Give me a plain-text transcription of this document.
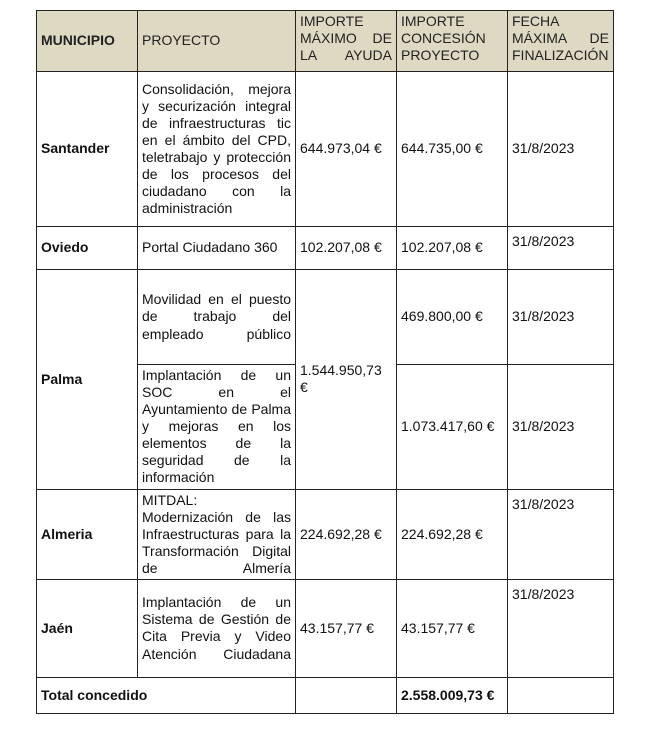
MUNICIPIO	PROYECTO	IMPORTE MÁXIMO DE LA AYUDA	IMPORTE CONCESIÓN PROYECTO	FECHA MÁXIMA DE FINALIZACIÓN
Santander	Consolidación, mejora y securización integral de infraestructuras tic en el ámbito del CPD, teletrabajo y protección de los procesos del ciudadano con la administración	644.973,04 €	644.735,00 €	31/8/2023
Oviedo	Portal Ciudadano 360	102.207,08 €	102.207,08 €	31/8/2023
Palma	Movilidad en el puesto de trabajo del empleado público	1.544.950,73 €	469.800,00 €	31/8/2023
	Implantación de un SOC en el Ayuntamiento de Palma y mejoras en los elementos de la seguridad de la información		1.073.417,60 €	31/8/2023
Almeria	MITDAL: Modernización de las Infraestructuras para la Transformación Digital de Almería	224.692,28 €	224.692,28 €	31/8/2023
Jaén	Implantación de un Sistema de Gestión de Cita Previa y Video Atención Ciudadana	43.157,77 €	43.157,77 €	31/8/2023
Total concedido			2.558.009,73 €	
